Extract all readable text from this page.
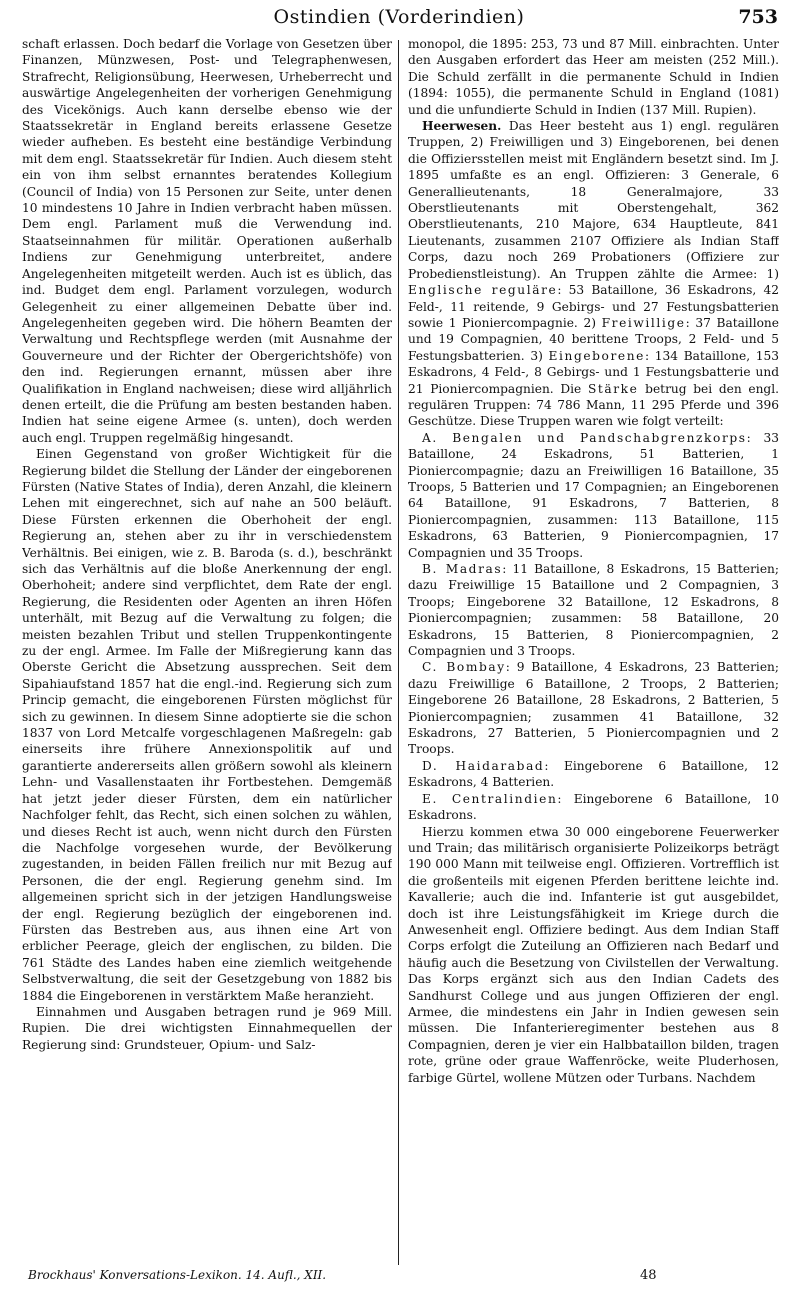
Ostindien (Vorderindien)	753

schaft erlassen. Doch bedarf die Vorlage von Gesetzen über Finanzen, Münzwesen, Post- und Telegraphenwesen, Strafrecht, Religionsübung, Heerwesen, Urheberrecht und auswärtige Angelegenheiten der vorherigen Genehmigung des Vicekönigs. Auch kann derselbe ebenso wie der Staatssekretär in England bereits erlassene Gesetze wieder aufheben. Es besteht eine beständige Verbindung mit dem engl. Staatssekretär für Indien. Auch diesem steht ein von ihm selbst ernanntes beratendes Kollegium (Council of India) von 15 Personen zur Seite, unter denen 10 mindestens 10 Jahre in Indien verbracht haben müssen. Dem engl. Parlament muß die Verwendung ind. Staatseinnahmen für militär. Operationen außerhalb Indiens zur Genehmigung unterbreitet, andere Angelegenheiten mitgeteilt werden. Auch ist es üblich, das ind. Budget dem engl. Parlament vorzulegen, wodurch Gelegenheit zu einer allgemeinen Debatte über ind. Angelegenheiten gegeben wird. Die höhern Beamten der Verwaltung und Rechtspflege werden (mit Ausnahme der Gouverneure und der Richter der Obergerichtshöfe) von den ind. Regierungen ernannt, müssen aber ihre Qualifikation in England nachweisen; diese wird alljährlich denen erteilt, die die Prüfung am besten bestanden haben. Indien hat seine eigene Armee (s. unten), doch werden auch engl. Truppen regelmäßig hingesandt.

Einen Gegenstand von großer Wichtigkeit für die Regierung bildet die Stellung der Länder der eingeborenen Fürsten (Native States of India), deren Anzahl, die kleinern Lehen mit eingerechnet, sich auf nahe an 500 beläuft. Diese Fürsten erkennen die Oberhoheit der engl. Regierung an, stehen aber zu ihr in verschiedenstem Verhältnis. Bei einigen, wie z. B. Baroda (s. d.), beschränkt sich das Verhältnis auf die bloße Anerkennung der engl. Oberhoheit; andere sind verpflichtet, dem Rate der engl. Regierung, die Residenten oder Agenten an ihren Höfen unterhält, mit Bezug auf die Verwaltung zu folgen; die meisten bezahlen Tribut und stellen Truppenkontingente zu der engl. Armee. Im Falle der Mißregierung kann das Oberste Gericht die Absetzung aussprechen. Seit dem Sipahiaufstand 1857 hat die engl.-ind. Regierung sich zum Princip gemacht, die eingeborenen Fürsten möglichst für sich zu gewinnen. In diesem Sinne adoptierte sie die schon 1837 von Lord Metcalfe vorgeschlagenen Maßregeln: gab einerseits ihre frühere Annexionspolitik auf und garantierte andererseits allen größern sowohl als kleinern Lehn- und Vasallenstaaten ihr Fortbestehen. Demgemäß hat jetzt jeder dieser Fürsten, dem ein natürlicher Nachfolger fehlt, das Recht, sich einen solchen zu wählen, und dieses Recht ist auch, wenn nicht durch den Fürsten die Nachfolge vorgesehen wurde, der Bevölkerung zugestanden, in beiden Fällen freilich nur mit Bezug auf Personen, die der engl. Regierung genehm sind. Im allgemeinen spricht sich in der jetzigen Handlungsweise der engl. Regierung bezüglich der eingeborenen ind. Fürsten das Bestreben aus, aus ihnen eine Art von erblicher Peerage, gleich der englischen, zu bilden. Die 761 Städte des Landes haben eine ziemlich weitgehende Selbstverwaltung, die seit der Gesetzgebung von 1882 bis 1884 die Eingeborenen in verstärktem Maße heranzieht.

Einnahmen und Ausgaben betragen rund je 969 Mill. Rupien. Die drei wichtigsten Einnahmequellen der Regierung sind: Grundsteuer, Opium- und Salz-

monopol, die 1895: 253, 73 und 87 Mill. einbrachten. Unter den Ausgaben erfordert das Heer am meisten (252 Mill.). Die Schuld zerfällt in die permanente Schuld in Indien (1894: 1055), die permanente Schuld in England (1081) und die unfundierte Schuld in Indien (137 Mill. Rupien).

Heerwesen. Das Heer besteht aus 1) engl. regulären Truppen, 2) Freiwilligen und 3) Eingeborenen, bei denen die Offiziersstellen meist mit Engländern besetzt sind. Im J. 1895 umfaßte es an engl. Offizieren: 3 Generale, 6 Generallieutenants, 18 Generalmajore, 33 Oberstlieutenants mit Oberstengehalt, 362 Oberstlieutenants, 210 Majore, 634 Hauptleute, 841 Lieutenants, zusammen 2107 Offiziere als Indian Staff Corps, dazu noch 269 Probationers (Offiziere zur Probedienstleistung). An Truppen zählte die Armee: 1) Englische reguläre: 53 Bataillone, 36 Eskadrons, 42 Feld-, 11 reitende, 9 Gebirgs- und 27 Festungsbatterien sowie 1 Pioniercompagnie. 2) Freiwillige: 37 Bataillone und 19 Compagnien, 40 berittene Troops, 2 Feld- und 5 Festungsbatterien. 3) Eingeborene: 134 Bataillone, 153 Eskadrons, 4 Feld-, 8 Gebirgs- und 1 Festungsbatterie und 21 Pioniercompagnien. Die Stärke betrug bei den engl. regulären Truppen: 74 786 Mann, 11 295 Pferde und 396 Geschütze. Diese Truppen waren wie folgt verteilt:

A. Bengalen und Pandschabgrenzkorps: 33 Bataillone, 24 Eskadrons, 51 Batterien, 1 Pioniercompagnie; dazu an Freiwilligen 16 Bataillone, 35 Troops, 5 Batterien und 17 Compagnien; an Eingeborenen 64 Bataillone, 91 Eskadrons, 7 Batterien, 8 Pioniercompagnien, zusammen: 113 Bataillone, 115 Eskadrons, 63 Batterien, 9 Pioniercompagnien, 17 Compagnien und 35 Troops.

B. Madras: 11 Bataillone, 8 Eskadrons, 15 Batterien; dazu Freiwillige 15 Bataillone und 2 Compagnien, 3 Troops; Eingeborene 32 Bataillone, 12 Eskadrons, 8 Pioniercompagnien; zusammen: 58 Bataillone, 20 Eskadrons, 15 Batterien, 8 Pioniercompagnien, 2 Compagnien und 3 Troops.

C. Bombay: 9 Bataillone, 4 Eskadrons, 23 Batterien; dazu Freiwillige 6 Bataillone, 2 Troops, 2 Batterien; Eingeborene 26 Bataillone, 28 Eskadrons, 2 Batterien, 5 Pioniercompagnien; zusammen 41 Bataillone, 32 Eskadrons, 27 Batterien, 5 Pioniercompagnien und 2 Troops.

D. Haidarabad: Eingeborene 6 Bataillone, 12 Eskadrons, 4 Batterien.

E. Centralindien: Eingeborene 6 Bataillone, 10 Eskadrons.

Hierzu kommen etwa 30 000 eingeborene Feuerwerker und Train; das militärisch organisierte Polizeikorps beträgt 190 000 Mann mit teilweise engl. Offizieren. Vortrefflich ist die großenteils mit eigenen Pferden berittene leichte ind. Kavallerie; auch die ind. Infanterie ist gut ausgebildet, doch ist ihre Leistungsfähigkeit im Kriege durch die Anwesenheit engl. Offiziere bedingt. Aus dem Indian Staff Corps erfolgt die Zuteilung an Offizieren nach Bedarf und häufig auch die Besetzung von Civilstellen der Verwaltung. Das Korps ergänzt sich aus den Indian Cadets des Sandhurst College und aus jungen Offizieren der engl. Armee, die mindestens ein Jahr in Indien gewesen sein müssen. Die Infanterieregimenter bestehen aus 8 Compagnien, deren je vier ein Halbbataillon bilden, tragen rote, grüne oder graue Waffenröcke, weite Pluderhosen, farbige Gürtel, wollene Mützen oder Turbans. Nachdem

Brockhaus' Konversations-Lexikon. 14. Aufl., XII.	48
